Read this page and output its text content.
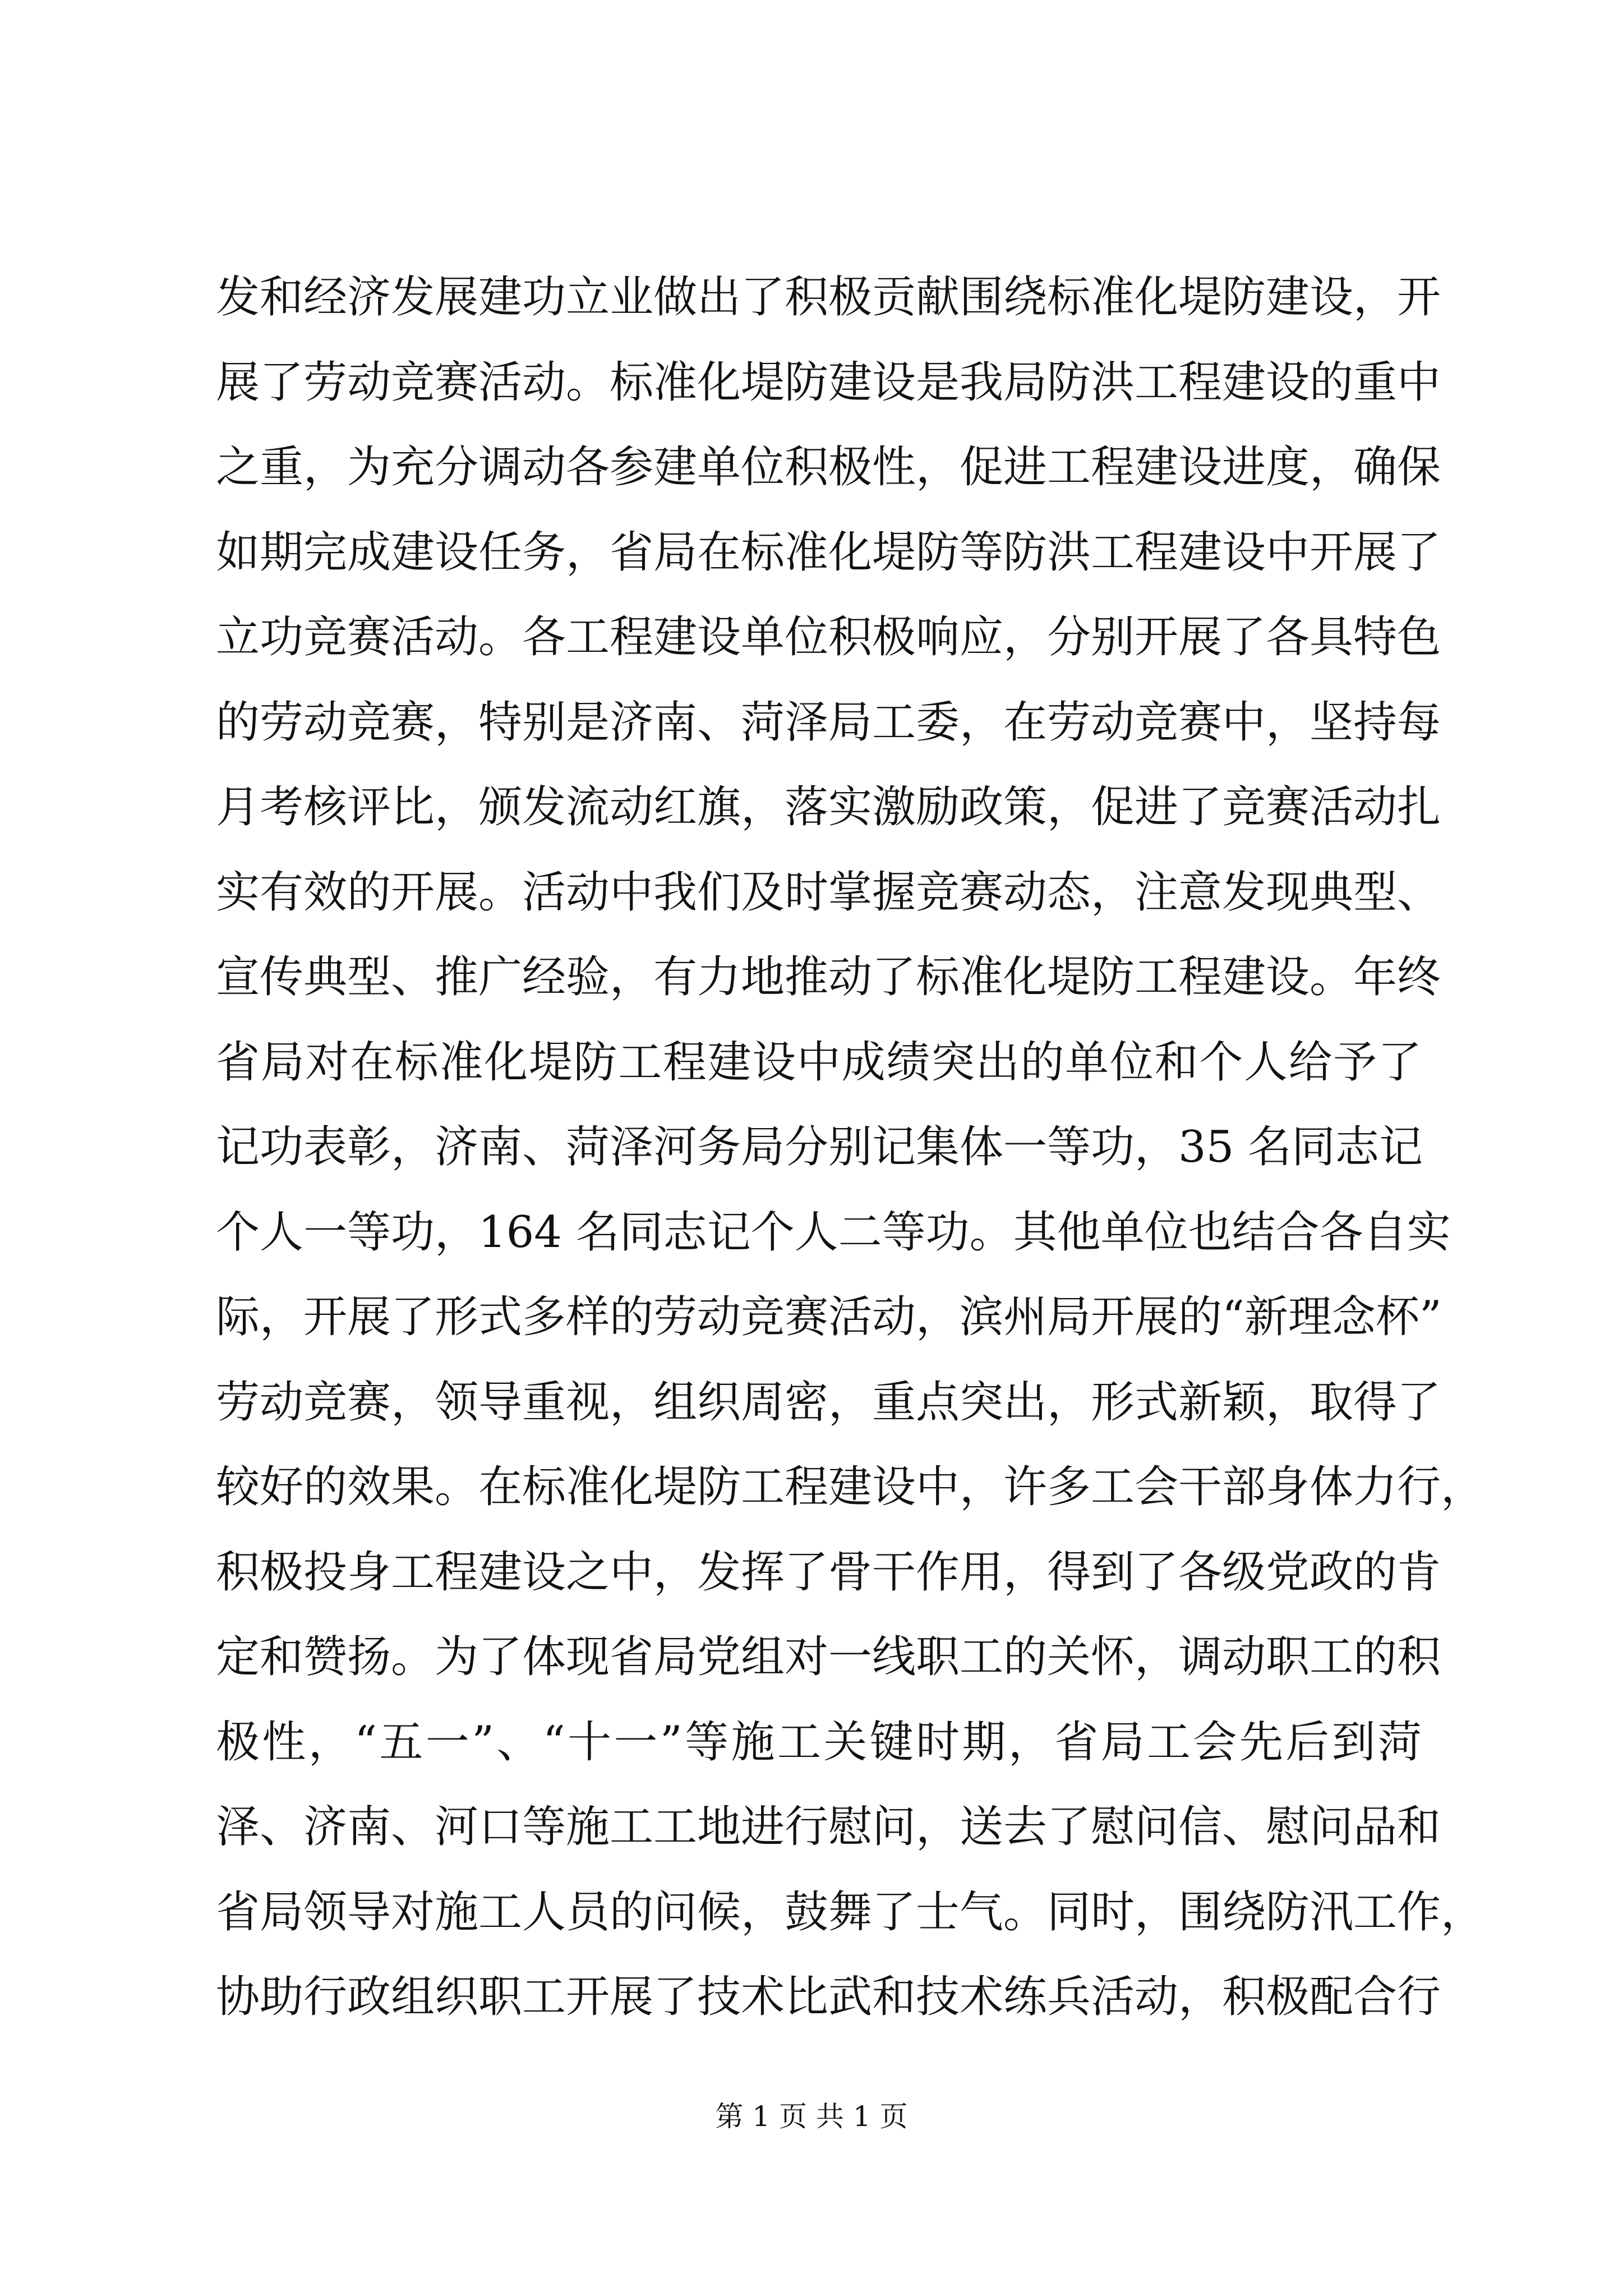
发和经济发展建功立业做出了积极贡献围绕标准化堤防建设，开
展了劳动竞赛活动。标准化堤防建设是我局防洪工程建设的重中
之重，为充分调动各参建单位积极性，促进工程建设进度，确保
如期完成建设任务，省局在标准化堤防等防洪工程建设中开展了
立功竞赛活动。各工程建设单位积极响应，分别开展了各具特色
的劳动竞赛，特别是济南、菏泽局工委，在劳动竞赛中，坚持每
月考核评比，颁发流动红旗，落实激励政策，促进了竞赛活动扎
实有效的开展。活动中我们及时掌握竞赛动态，注意发现典型、
宣传典型、推广经验，有力地推动了标准化堤防工程建设。年终
省局对在标准化堤防工程建设中成绩突出的单位和个人给予了
记功表彰，济南、菏泽河务局分别记集体一等功，35 名同志记
个人一等功，164 名同志记个人二等功。其他单位也结合各自实
际，开展了形式多样的劳动竞赛活动，滨州局开展的“新理念杯”
劳动竞赛，领导重视，组织周密，重点突出，形式新颖，取得了
较好的效果。在标准化堤防工程建设中，许多工会干部身体力行，
积极投身工程建设之中，发挥了骨干作用，得到了各级党政的肯
定和赞扬。为了体现省局党组对一线职工的关怀，调动职工的积
极性，“五一”、“十一”等施工关键时期，省局工会先后到菏
泽、济南、河口等施工工地进行慰问，送去了慰问信、慰问品和
省局领导对施工人员的问候，鼓舞了士气。同时，围绕防汛工作，
协助行政组织职工开展了技术比武和技术练兵活动，积极配合行
第 1 页 共 1 页
